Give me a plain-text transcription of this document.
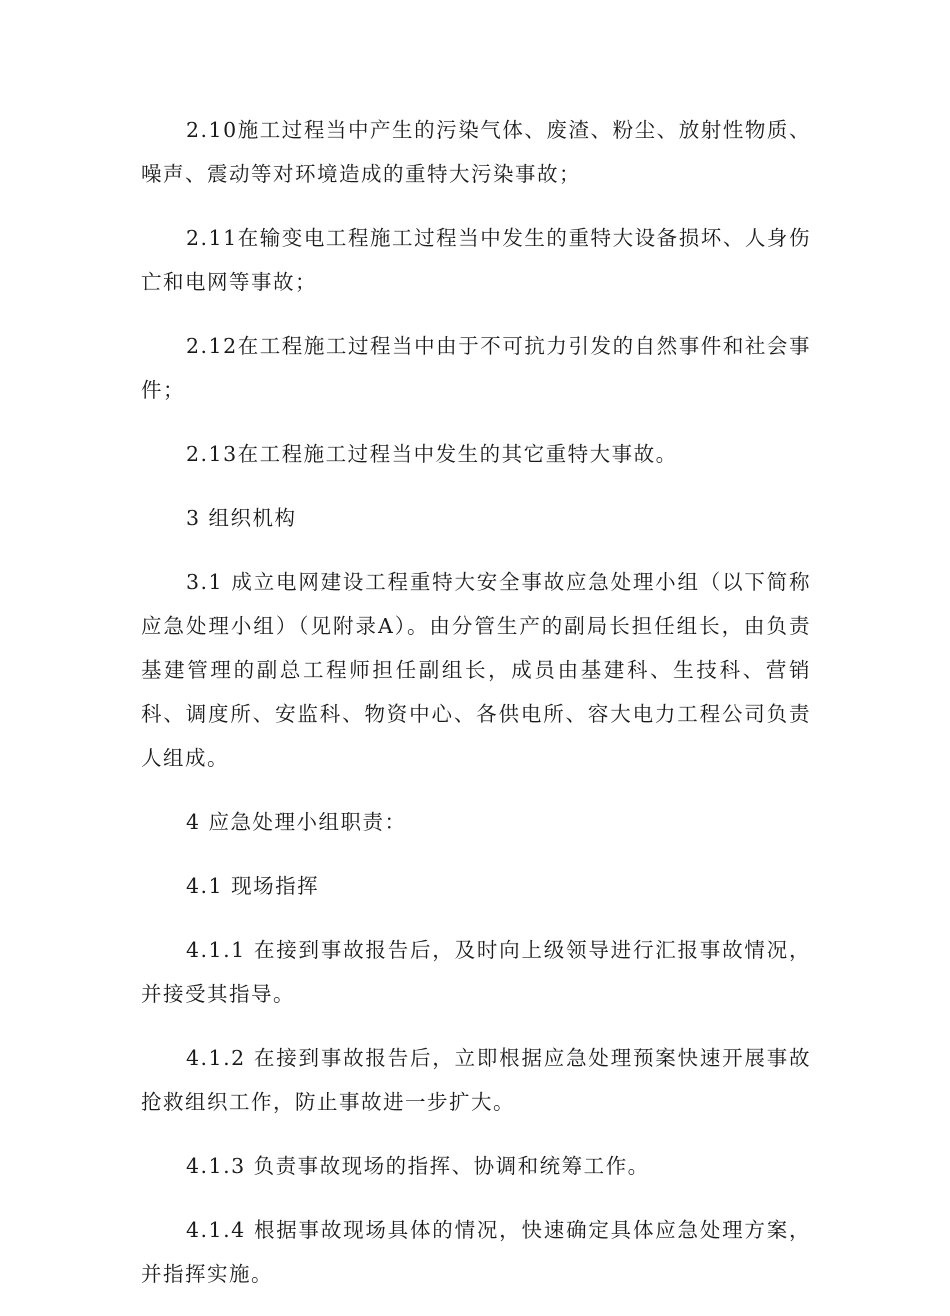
2.10施工过程当中产生的污染气体、废渣、粉尘、放射性物质、噪声、震动等对环境造成的重特大污染事故；

2.11在输变电工程施工过程当中发生的重特大设备损坏、人身伤亡和电网等事故；

2.12在工程施工过程当中由于不可抗力引发的自然事件和社会事件；

2.13在工程施工过程当中发生的其它重特大事故。

3 组织机构

3.1 成立电网建设工程重特大安全事故应急处理小组（以下简称应急处理小组）（见附录A）。由分管生产的副局长担任组长，由负责基建管理的副总工程师担任副组长，成员由基建科、生技科、营销科、调度所、安监科、物资中心、各供电所、容大电力工程公司负责人组成。

4 应急处理小组职责：

4.1 现场指挥

4.1.1 在接到事故报告后，及时向上级领导进行汇报事故情况，并接受其指导。

4.1.2 在接到事故报告后，立即根据应急处理预案快速开展事故抢救组织工作，防止事故进一步扩大。

4.1.3 负责事故现场的指挥、协调和统筹工作。

4.1.4 根据事故现场具体的情况，快速确定具体应急处理方案，并指挥实施。
